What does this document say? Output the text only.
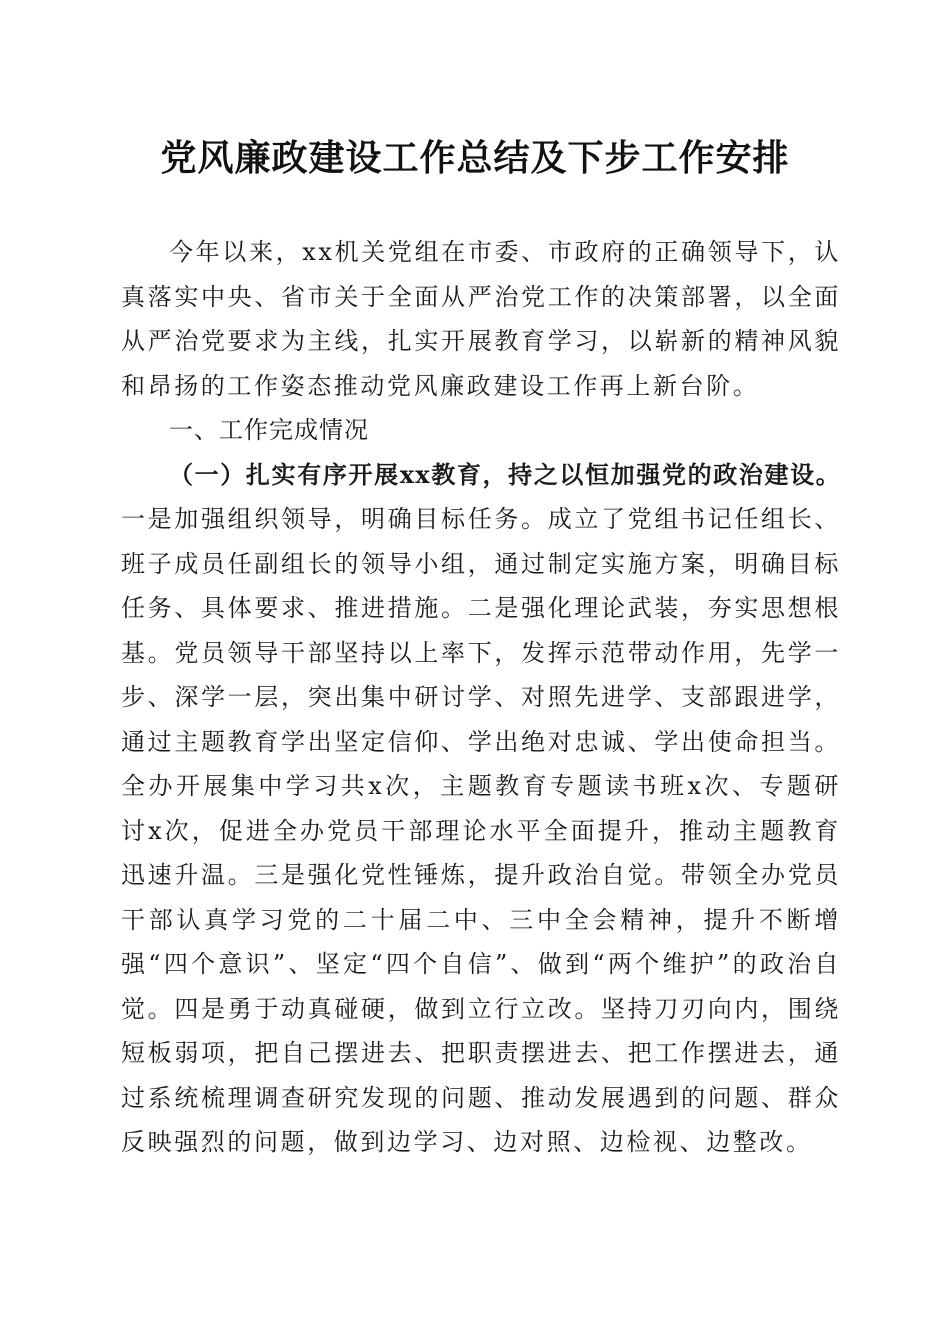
党风廉政建设工作总结及下步工作安排

今年以来，xx机关党组在市委、市政府的正确领导下，认真落实中央、省市关于全面从严治党工作的决策部署，以全面从严治党要求为主线，扎实开展教育学习，以崭新的精神风貌和昂扬的工作姿态推动党风廉政建设工作再上新台阶。

一、工作完成情况

（一）扎实有序开展xx教育，持之以恒加强党的政治建设。一是加强组织领导，明确目标任务。成立了党组书记任组长、班子成员任副组长的领导小组，通过制定实施方案，明确目标任务、具体要求、推进措施。二是强化理论武装，夯实思想根基。党员领导干部坚持以上率下，发挥示范带动作用，先学一步、深学一层，突出集中研讨学、对照先进学、支部跟进学，通过主题教育学出坚定信仰、学出绝对忠诚、学出使命担当。全办开展集中学习共x次，主题教育专题读书班x次、专题研讨x次，促进全办党员干部理论水平全面提升，推动主题教育迅速升温。三是强化党性锤炼，提升政治自觉。带领全办党员干部认真学习党的二十届二中、三中全会精神，提升不断增强“四个意识”、坚定“四个自信”、做到“两个维护”的政治自觉。四是勇于动真碰硬，做到立行立改。坚持刀刃向内，围绕短板弱项，把自己摆进去、把职责摆进去、把工作摆进去，通过系统梳理调查研究发现的问题、推动发展遇到的问题、群众反映强烈的问题，做到边学习、边对照、边检视、边整改。
